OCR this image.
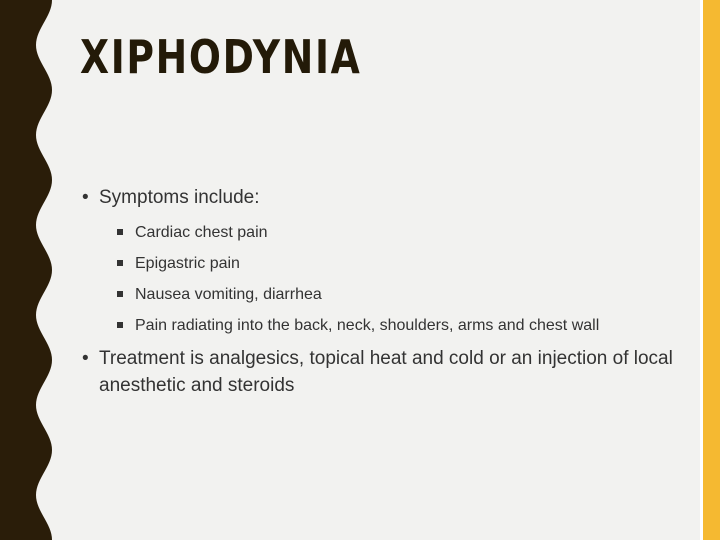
XIPHODYNIA
• Symptoms include:
Cardiac chest pain
Epigastric pain
Nausea vomiting, diarrhea
Pain radiating into the back, neck, shoulders, arms and chest wall
• Treatment is analgesics, topical heat and cold or an injection of local anesthetic and steroids
